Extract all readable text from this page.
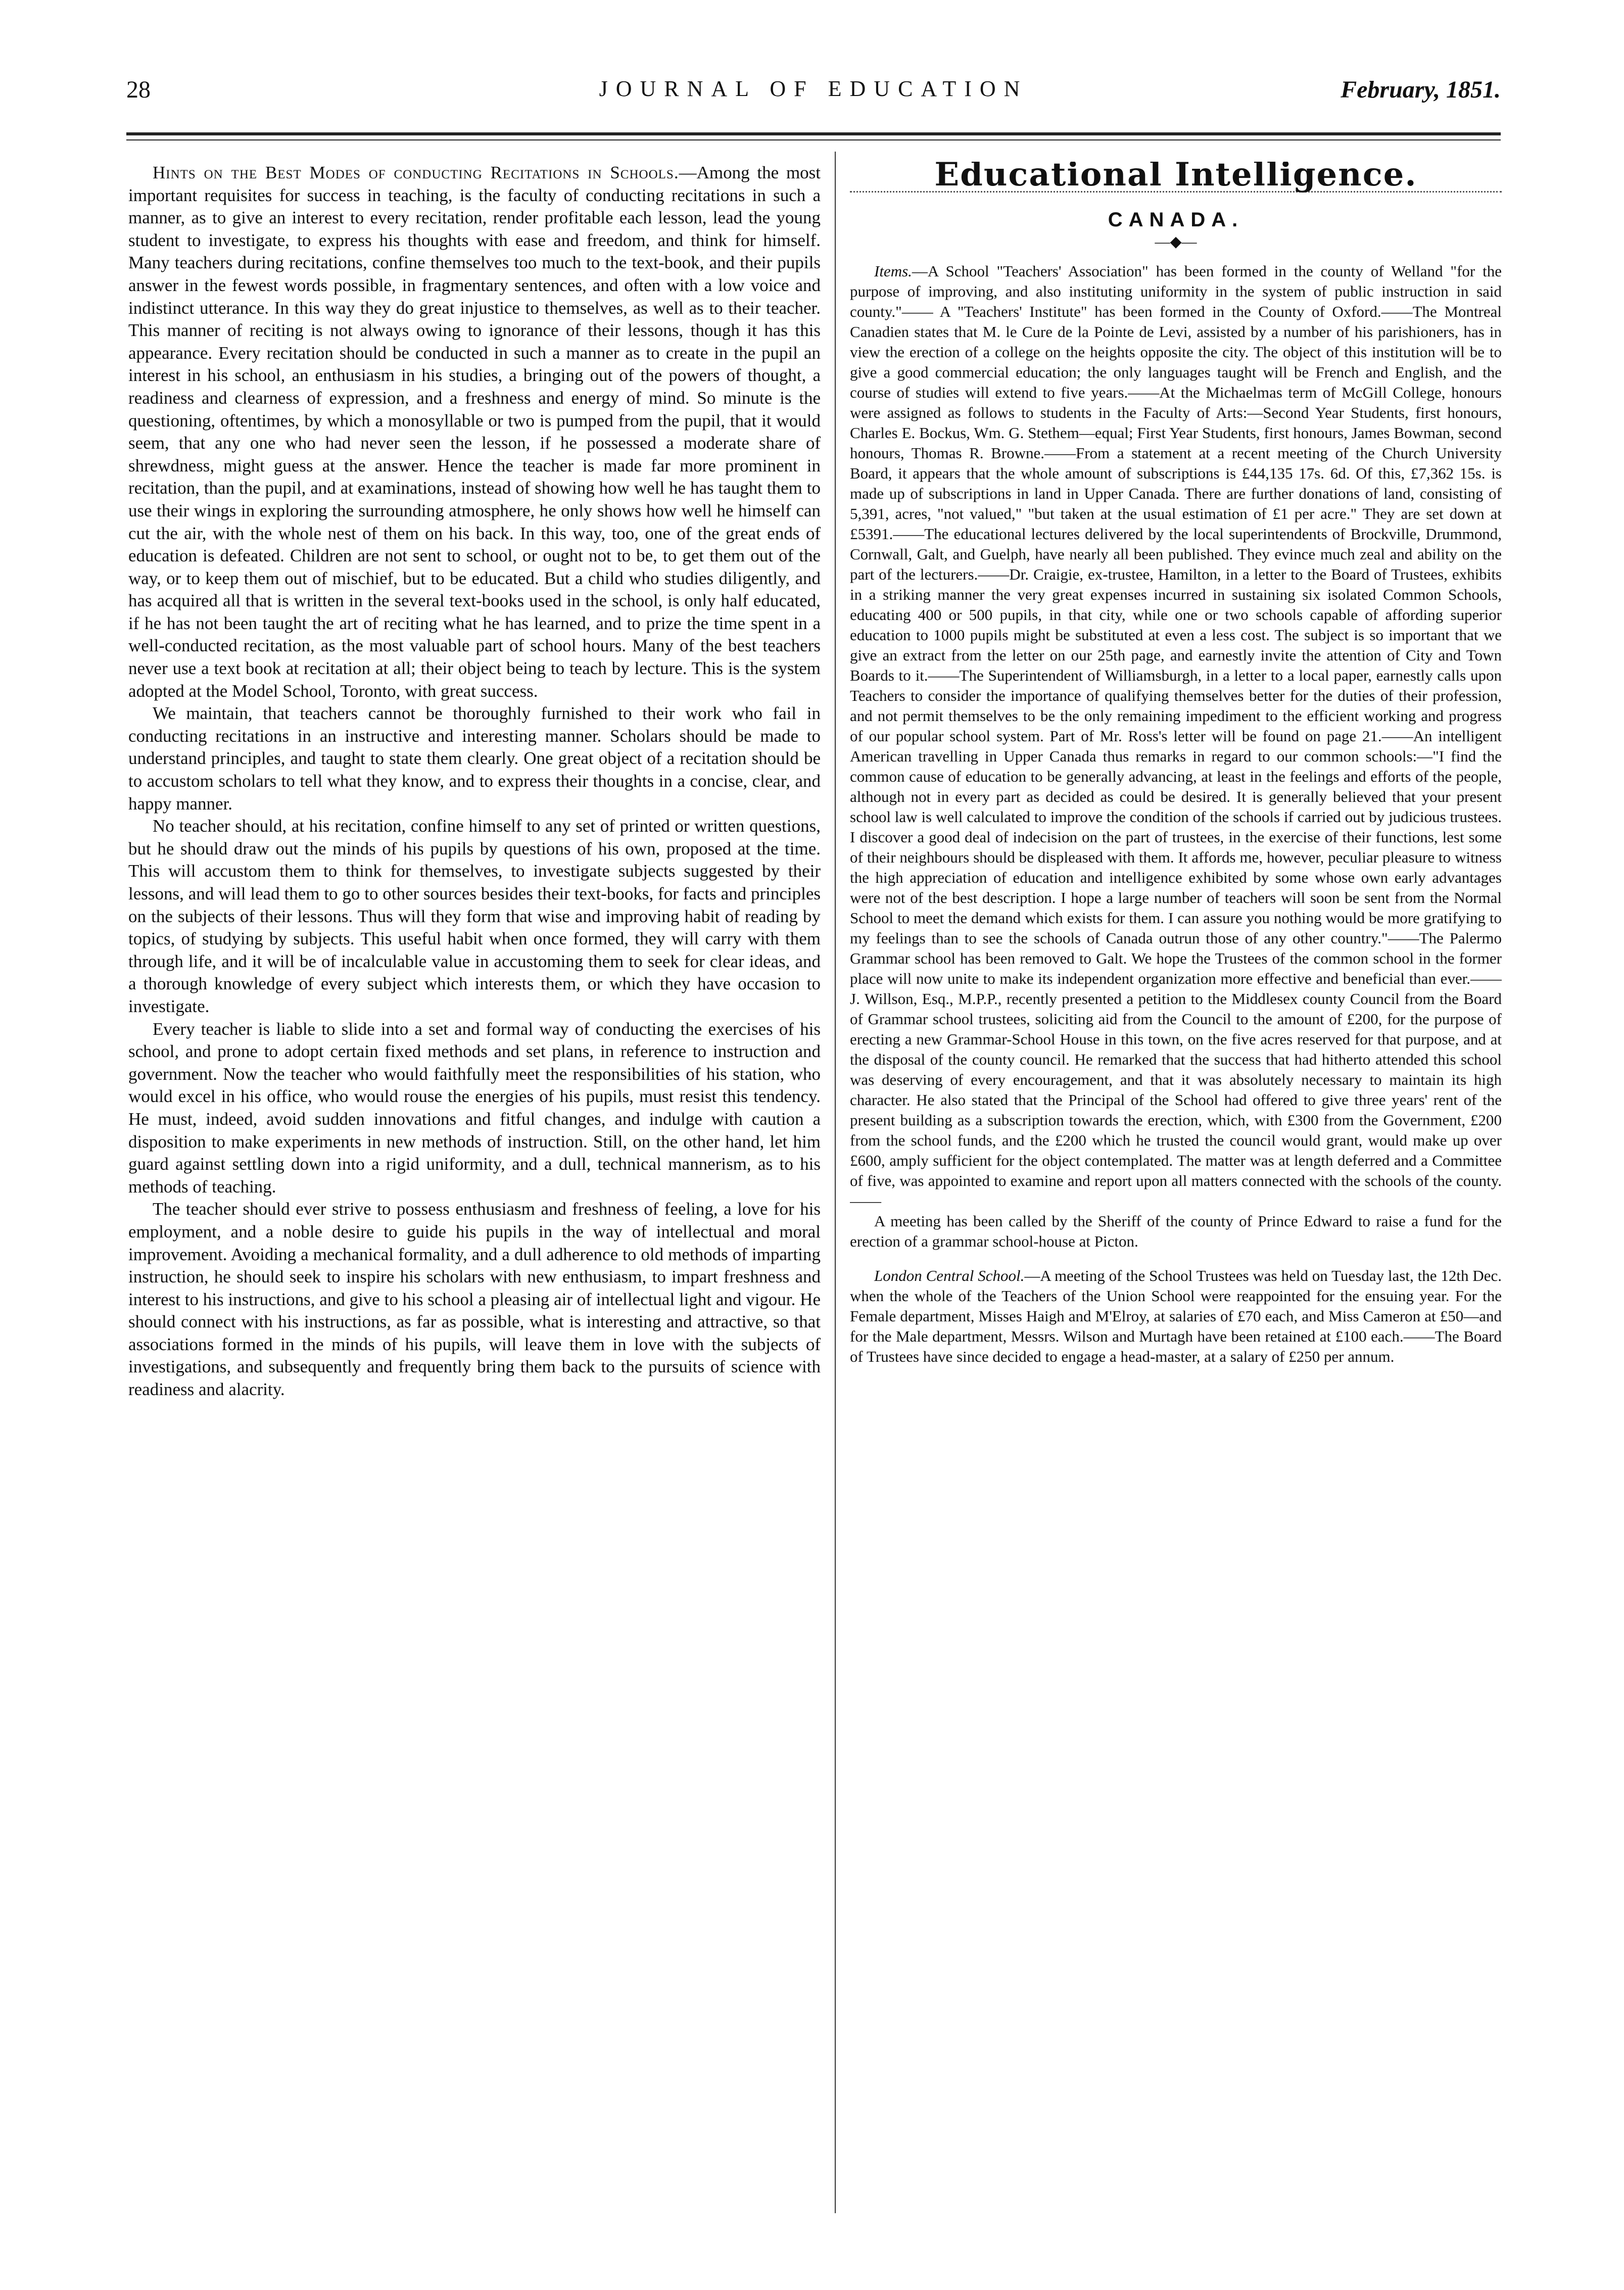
28	JOURNAL OF EDUCATION	February, 1851.

Hints on the Best Modes of conducting Recitations in Schools.—Among the most important requisites for success in teaching, is the faculty of conducting recitations in such a manner, as to give an interest to every recitation, render profitable each lesson, lead the young student to investigate, to express his thoughts with ease and freedom, and think for himself. Many teachers during recitations, confine themselves too much to the text-book, and their pupils answer in the fewest words possible, in fragmentary sentences, and often with a low voice and indistinct utterance. In this way they do great injustice to themselves, as well as to their teacher. This manner of reciting is not always owing to ignorance of their lessons, though it has this appearance. Every recitation should be conducted in such a manner as to create in the pupil an interest in his school, an enthusiasm in his studies, a bringing out of the powers of thought, a readiness and clearness of expression, and a freshness and energy of mind. So minute is the questioning, oftentimes, by which a monosyllable or two is pumped from the pupil, that it would seem, that any one who had never seen the lesson, if he possessed a moderate share of shrewdness, might guess at the answer. Hence the teacher is made far more prominent in recitation, than the pupil, and at examinations, instead of showing how well he has taught them to use their wings in exploring the surrounding atmosphere, he only shows how well he himself can cut the air, with the whole nest of them on his back. In this way, too, one of the great ends of education is defeated. Children are not sent to school, or ought not to be, to get them out of the way, or to keep them out of mischief, but to be educated. But a child who studies diligently, and has acquired all that is written in the several text-books used in the school, is only half educated, if he has not been taught the art of reciting what he has learned, and to prize the time spent in a well-conducted recitation, as the most valuable part of school hours. Many of the best teachers never use a text book at recitation at all; their object being to teach by lecture. This is the system adopted at the Model School, Toronto, with great success.

We maintain, that teachers cannot be thoroughly furnished to their work who fail in conducting recitations in an instructive and interesting manner. Scholars should be made to understand principles, and taught to state them clearly. One great object of a recitation should be to accustom scholars to tell what they know, and to express their thoughts in a concise, clear, and happy manner.

No teacher should, at his recitation, confine himself to any set of printed or written questions, but he should draw out the minds of his pupils by questions of his own, proposed at the time. This will accustom them to think for themselves, to investigate subjects suggested by their lessons, and will lead them to go to other sources besides their text-books, for facts and principles on the subjects of their lessons. Thus will they form that wise and improving habit of reading by topics, of studying by subjects. This useful habit when once formed, they will carry with them through life, and it will be of incalculable value in accustoming them to seek for clear ideas, and a thorough knowledge of every subject which interests them, or which they have occasion to investigate.

Every teacher is liable to slide into a set and formal way of conducting the exercises of his school, and prone to adopt certain fixed methods and set plans, in reference to instruction and government. Now the teacher who would faithfully meet the responsibilities of his station, who would excel in his office, who would rouse the energies of his pupils, must resist this tendency. He must, indeed, avoid sudden innovations and fitful changes, and indulge with caution a disposition to make experiments in new methods of instruction. Still, on the other hand, let him guard against settling down into a rigid uniformity, and a dull, technical mannerism, as to his methods of teaching.

The teacher should ever strive to possess enthusiasm and freshness of feeling, a love for his employment, and a noble desire to guide his pupils in the way of intellectual and moral improvement. Avoiding a mechanical formality, and a dull adherence to old methods of imparting instruction, he should seek to inspire his scholars with new enthusiasm, to impart freshness and interest to his instructions, and give to his school a pleasing air of intellectual light and vigour. He should connect with his instructions, as far as possible, what is interesting and attractive, so that associations formed in the minds of his pupils, will leave them in love with the subjects of investigations, and subsequently and frequently bring them back to the pursuits of science with readiness and alacrity.

Educational Intelligence.
CANADA.
—◆—

Items.—A School "Teachers' Association" has been formed in the county of Welland "for the purpose of improving, and also instituting uniformity in the system of public instruction in said county."—— A "Teachers' Institute" has been formed in the County of Oxford.——The Montreal Canadien states that M. le Cure de la Pointe de Levi, assisted by a number of his parishioners, has in view the erection of a college on the heights opposite the city. The object of this institution will be to give a good commercial education; the only languages taught will be French and English, and the course of studies will extend to five years.——At the Michaelmas term of McGill College, honours were assigned as follows to students in the Faculty of Arts:—Second Year Students, first honours, Charles E. Bockus, Wm. G. Stethem—equal; First Year Students, first honours, James Bowman, second honours, Thomas R. Browne.——From a statement at a recent meeting of the Church University Board, it appears that the whole amount of subscriptions is £44,135 17s. 6d. Of this, £7,362 15s. is made up of subscriptions in land in Upper Canada. There are further donations of land, consisting of 5,391, acres, "not valued," "but taken at the usual estimation of £1 per acre." They are set down at £5391.——The educational lectures delivered by the local superintendents of Brockville, Drummond, Cornwall, Galt, and Guelph, have nearly all been published. They evince much zeal and ability on the part of the lecturers.——Dr. Craigie, ex-trustee, Hamilton, in a letter to the Board of Trustees, exhibits in a striking manner the very great expenses incurred in sustaining six isolated Common Schools, educating 400 or 500 pupils, in that city, while one or two schools capable of affording superior education to 1000 pupils might be substituted at even a less cost. The subject is so important that we give an extract from the letter on our 25th page, and earnestly invite the attention of City and Town Boards to it.——The Superintendent of Williamsburgh, in a letter to a local paper, earnestly calls upon Teachers to consider the importance of qualifying themselves better for the duties of their profession, and not permit themselves to be the only remaining impediment to the efficient working and progress of our popular school system. Part of Mr. Ross's letter will be found on page 21.——An intelligent American travelling in Upper Canada thus remarks in regard to our common schools:—"I find the common cause of education to be generally advancing, at least in the feelings and efforts of the people, although not in every part as decided as could be desired. It is generally believed that your present school law is well calculated to improve the condition of the schools if carried out by judicious trustees. I discover a good deal of indecision on the part of trustees, in the exercise of their functions, lest some of their neighbours should be displeased with them. It affords me, however, peculiar pleasure to witness the high appreciation of education and intelligence exhibited by some whose own early advantages were not of the best description. I hope a large number of teachers will soon be sent from the Normal School to meet the demand which exists for them. I can assure you nothing would be more gratifying to my feelings than to see the schools of Canada outrun those of any other country."——The Palermo Grammar school has been removed to Galt. We hope the Trustees of the common school in the former place will now unite to make its independent organization more effective and beneficial than ever.——J. Willson, Esq., M.P.P., recently presented a petition to the Middlesex county Council from the Board of Grammar school trustees, soliciting aid from the Council to the amount of £200, for the purpose of erecting a new Grammar-School House in this town, on the five acres reserved for that purpose, and at the disposal of the county council. He remarked that the success that had hitherto attended this school was deserving of every encouragement, and that it was absolutely necessary to maintain its high character. He also stated that the Principal of the School had offered to give three years' rent of the present building as a subscription towards the erection, which, with £300 from the Government, £200 from the school funds, and the £200 which he trusted the council would grant, would make up over £600, amply sufficient for the object contemplated. The matter was at length deferred and a Committee of five, was appointed to examine and report upon all matters connected with the schools of the county.——

A meeting has been called by the Sheriff of the county of Prince Edward to raise a fund for the erection of a grammar school-house at Picton.

London Central School.—A meeting of the School Trustees was held on Tuesday last, the 12th Dec. when the whole of the Teachers of the Union School were reappointed for the ensuing year. For the Female department, Misses Haigh and M'Elroy, at salaries of £70 each, and Miss Cameron at £50—and for the Male department, Messrs. Wilson and Murtagh have been retained at £100 each.——The Board of Trustees have since decided to engage a head-master, at a salary of £250 per annum.
